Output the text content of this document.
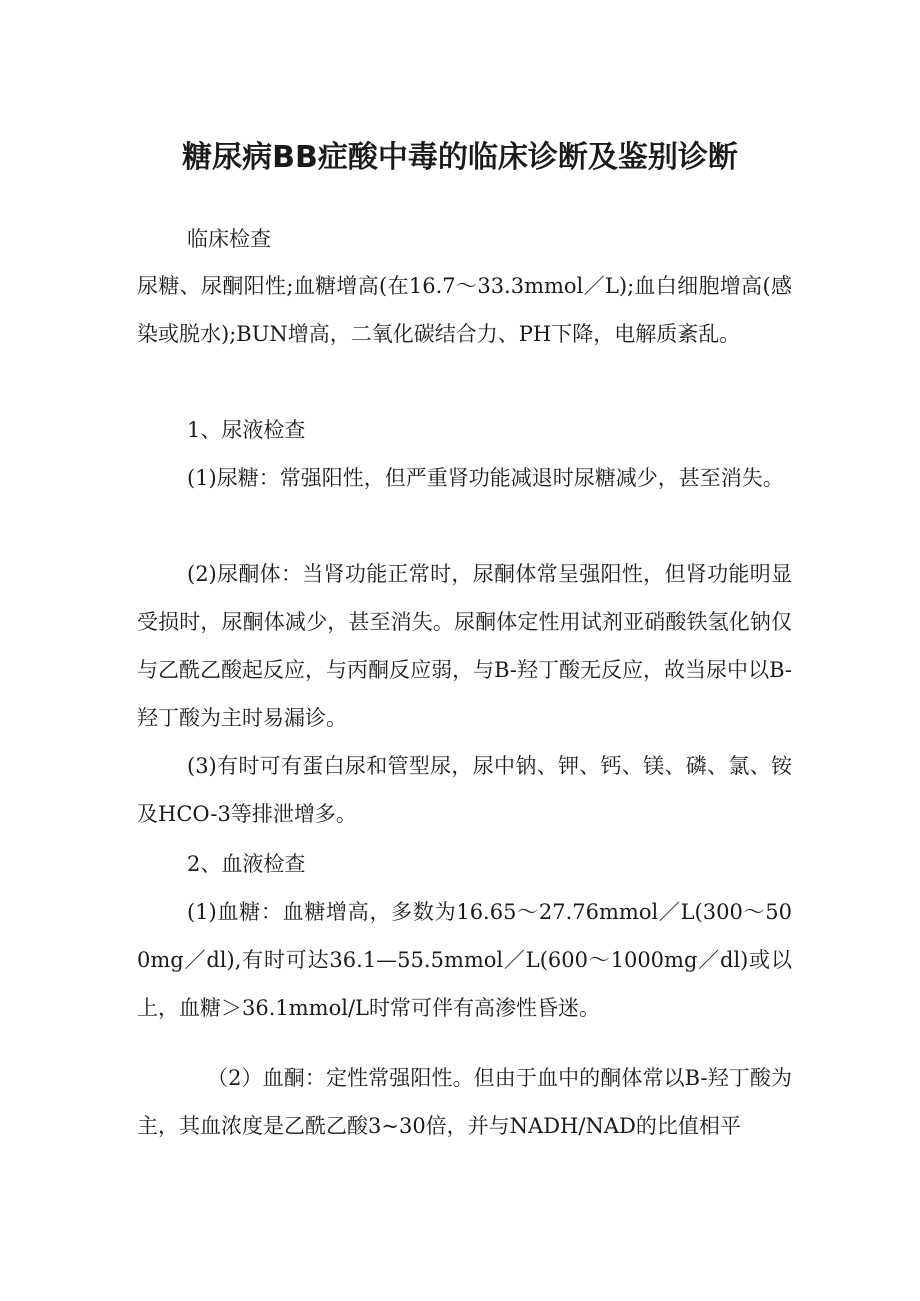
糖尿病BB症酸中毒的临床诊断及鉴别诊断

临床检查

尿糖、尿酮阳性;血糖增高(在16.7～33.3mmol／L);血白细胞增高(感染或脱水);BUN增高，二氧化碳结合力、PH下降，电解质紊乱。

1、尿液检查

(1)尿糖：常强阳性，但严重肾功能减退时尿糖减少，甚至消失。

(2)尿酮体：当肾功能正常时，尿酮体常呈强阳性，但肾功能明显受损时，尿酮体减少，甚至消失。尿酮体定性用试剂亚硝酸铁氢化钠仅与乙酰乙酸起反应，与丙酮反应弱，与B-羟丁酸无反应，故当尿中以B-羟丁酸为主时易漏诊。

(3)有时可有蛋白尿和管型尿，尿中钠、钾、钙、镁、磷、氯、铵及HCO-3等排泄增多。

2、血液检查

(1)血糖：血糖增高，多数为16.65～27.76mmol／L(300～500mg／dl),有时可达36.1—55.5mmol／L(600～1000mg／dl)或以上，血糖＞36.1mmol/L时常可伴有高渗性昏迷。

（2）血酮：定性常强阳性。但由于血中的酮体常以B-羟丁酸为主，其血浓度是乙酰乙酸3~30倍，并与NADH/NAD的比值相平
